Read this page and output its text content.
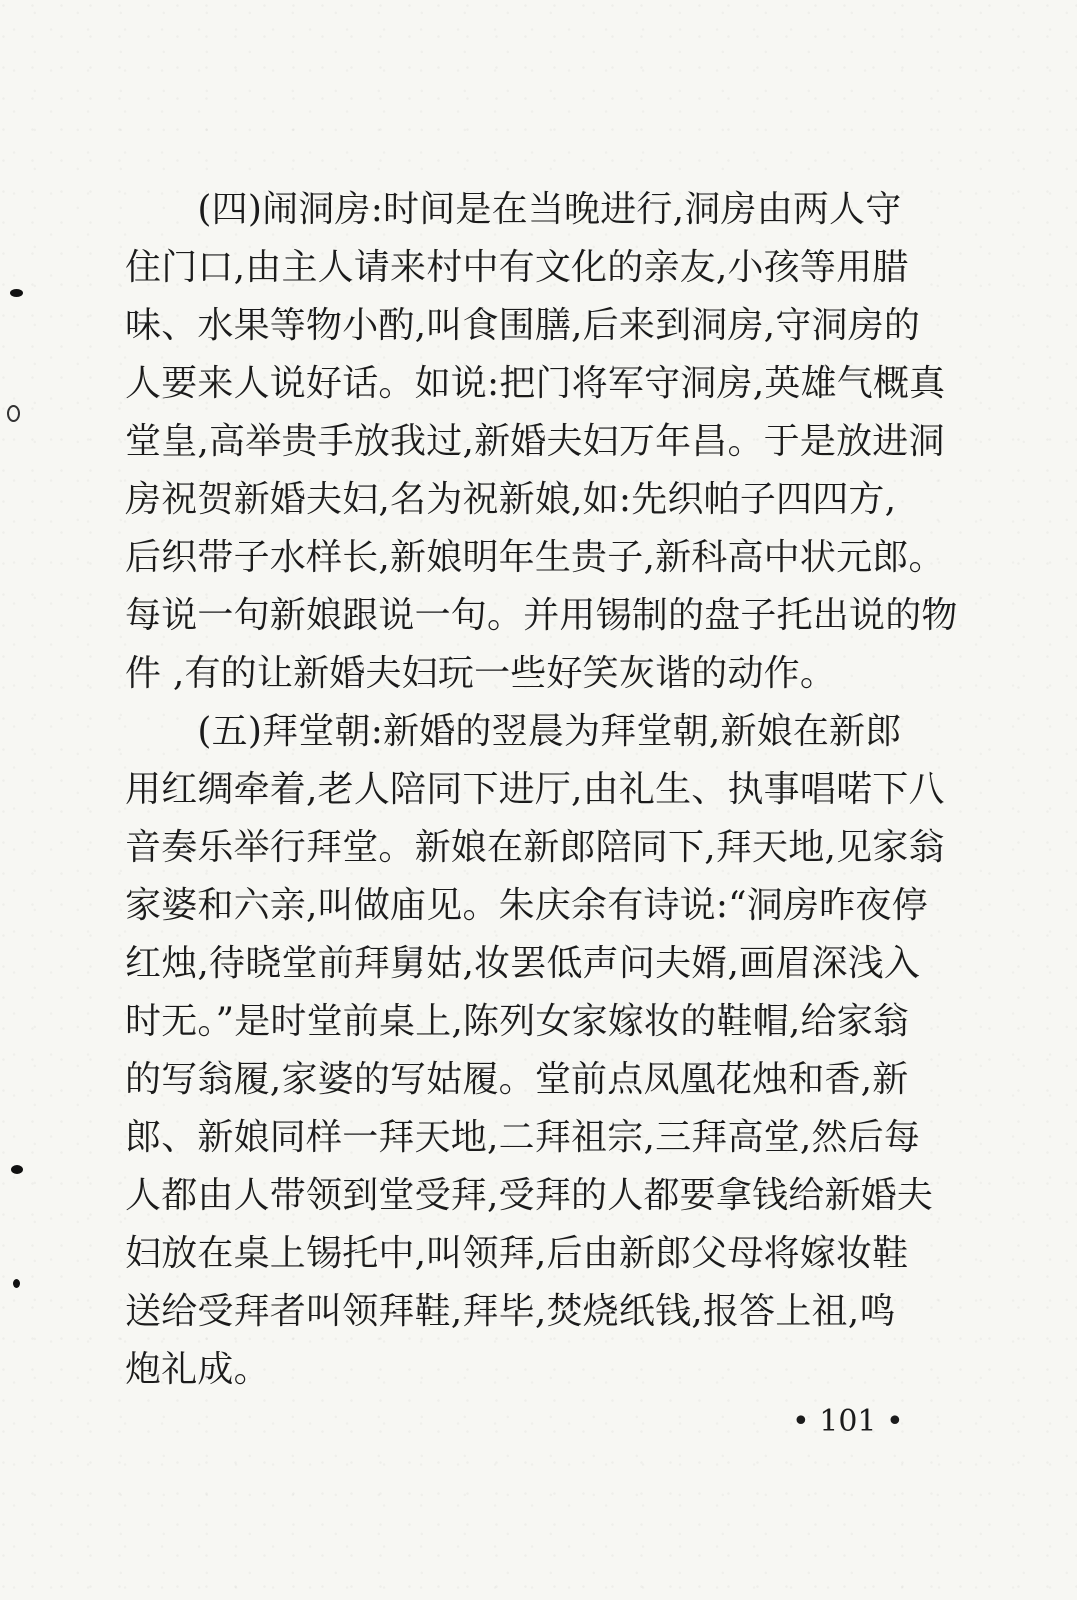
　　(四)闹洞房:时间是在当晚进行,洞房由两人守
住门口,由主人请来村中有文化的亲友,小孩等用腊
味、水果等物小酌,叫食围膳,后来到洞房,守洞房的
人要来人说好话。如说:把门将军守洞房,英雄气概真
堂皇,高举贵手放我过,新婚夫妇万年昌。于是放进洞
房祝贺新婚夫妇,名为祝新娘,如:先织帕子四四方,
后织带子水样长,新娘明年生贵子,新科高中状元郎。
每说一句新娘跟说一句。并用锡制的盘子托出说的物
件 ,有的让新婚夫妇玩一些好笑灰谐的动作。
　　(五)拜堂朝:新婚的翌晨为拜堂朝,新娘在新郎
用红绸牵着,老人陪同下进厅,由礼生、执事唱喏下八
音奏乐举行拜堂。新娘在新郎陪同下,拜天地,见家翁
家婆和六亲,叫做庙见。朱庆余有诗说:“洞房昨夜停
红烛,待晓堂前拜舅姑,妆罢低声问夫婿,画眉深浅入
时无。”是时堂前桌上,陈列女家嫁妆的鞋帽,给家翁
的写翁履,家婆的写姑履。堂前点凤凰花烛和香,新
郎、新娘同样一拜天地,二拜祖宗,三拜高堂,然后每
人都由人带领到堂受拜,受拜的人都要拿钱给新婚夫
妇放在桌上锡托中,叫领拜,后由新郎父母将嫁妆鞋
送给受拜者叫领拜鞋,拜毕,焚烧纸钱,报答上祖,鸣
炮礼成。
• 101 •
